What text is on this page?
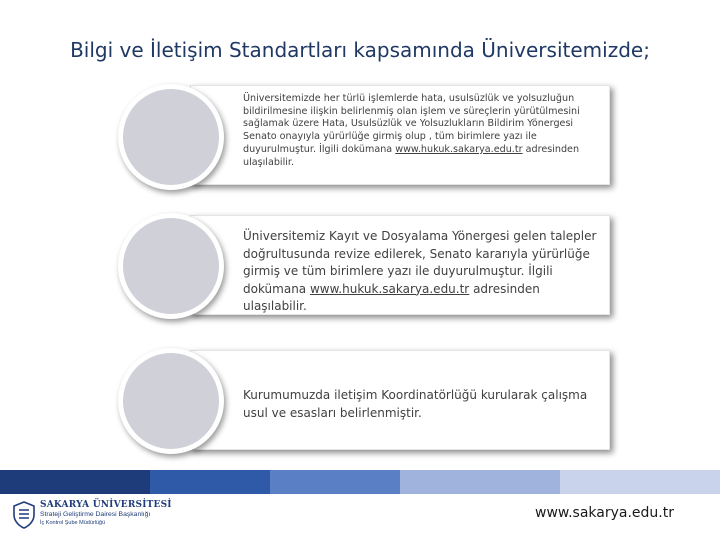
Bilgi ve İletişim Standartları kapsamında Üniversitemizde;
Üniversitemizde her türlü işlemlerde hata, usulsüzlük ve yolsuzluğun bildirilmesine ilişkin belirlenmiş olan işlem ve süreçlerin yürütülmesini sağlamak üzere Hata, Usulsüzlük ve Yolsuzlukların Bildirim Yönergesi Senato onayıyla yürürlüğe girmiş olup , tüm birimlere yazı ile duyurulmuştur. İlgili dokümana www.hukuk.sakarya.edu.tr adresinden ulaşılabilir.
Üniversitemiz Kayıt ve Dosyalama Yönergesi gelen talepler doğrultusunda revize edilerek, Senato kararıyla yürürlüğe girmiş ve tüm birimlere yazı ile duyurulmuştur. İlgili dokümana www.hukuk.sakarya.edu.tr adresinden ulaşılabilir.
Kurumumuzda iletişim Koordinatörlüğü kurularak çalışma usul ve esasları belirlenmiştir.
SAKARYA ÜNİVERSİTESİ
Strateji Geliştirme Dairesi Başkanlığı
İç Kontrol Şube Müdürlüğü
www.sakarya.edu.tr
